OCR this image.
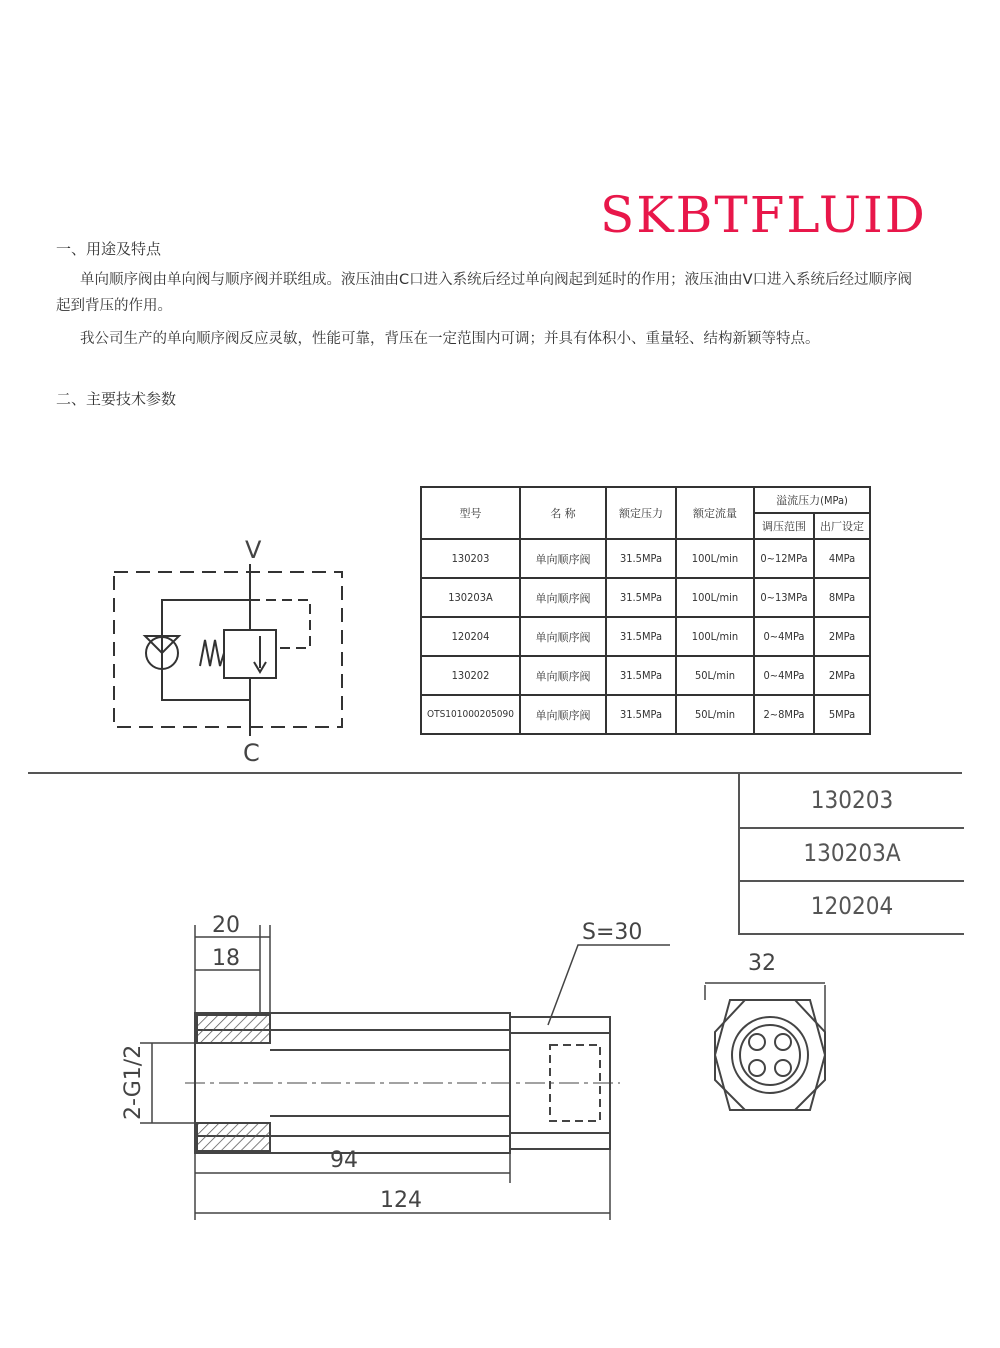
SKBTFLUID
一、用途及特点
单向顺序阀由单向阀与顺序阀并联组成。液压油由C口进入系统后经过单向阀起到延时的作用；液压油由V口进入系统后经过顺序阀
起到背压的作用。
我公司生产的单向顺序阀反应灵敏，性能可靠，背压在一定范围内可调；并具有体积小、重量轻、结构新颖等特点。
二、主要技术参数
V
C
型号	名 称	额定压力	额定流量	溢流压力(MPa)	
				调压范围	出厂设定
130203	单向顺序阀	31.5MPa	100L/min	0~12MPa	4MPa
130203A	单向顺序阀	31.5MPa	100L/min	0~13MPa	8MPa
120204	单向顺序阀	31.5MPa	100L/min	0~4MPa	2MPa
130202	单向顺序阀	31.5MPa	50L/min	0~4MPa	2MPa
OTS101000205090	单向顺序阀	31.5MPa	50L/min	2~8MPa	5MPa
130203
130203A
120204
20
18
94
124
S=30
2-G1/2
32
